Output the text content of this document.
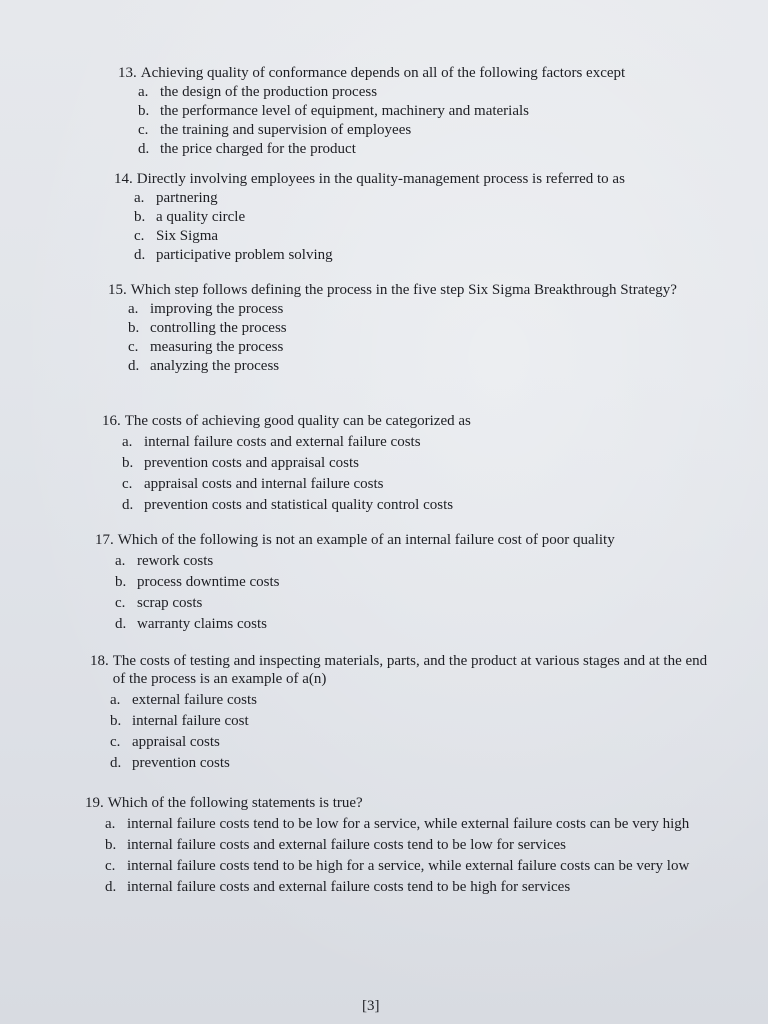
13. Achieving quality of conformance depends on all of the following factors except
a. the design of the production process
b. the performance level of equipment, machinery and materials
c. the training and supervision of employees
d. the price charged for the product
14. Directly involving employees in the quality-management process is referred to as
a. partnering
b. a quality circle
c. Six Sigma
d. participative problem solving
15. Which step follows defining the process in the five step Six Sigma Breakthrough Strategy?
a. improving the process
b. controlling the process
c. measuring the process
d. analyzing the process
16. The costs of achieving good quality can be categorized as
a. internal failure costs and external failure costs
b. prevention costs and appraisal costs
c. appraisal costs and internal failure costs
d. prevention costs and statistical quality control costs
17. Which of the following is not an example of an internal failure cost of poor quality
a. rework costs
b. process downtime costs
c. scrap costs
d. warranty claims costs
18. The costs of testing and inspecting materials, parts, and the product at various stages and at the end of the process is an example of a(n)
a. external failure costs
b. internal failure cost
c. appraisal costs
d. prevention costs
19. Which of the following statements is true?
a. internal failure costs tend to be low for a service, while external failure costs can be very high
b. internal failure costs and external failure costs tend to be low for services
c. internal failure costs tend to be high for a service, while external failure costs can be very low
d. internal failure costs and external failure costs tend to be high for services
[3]
